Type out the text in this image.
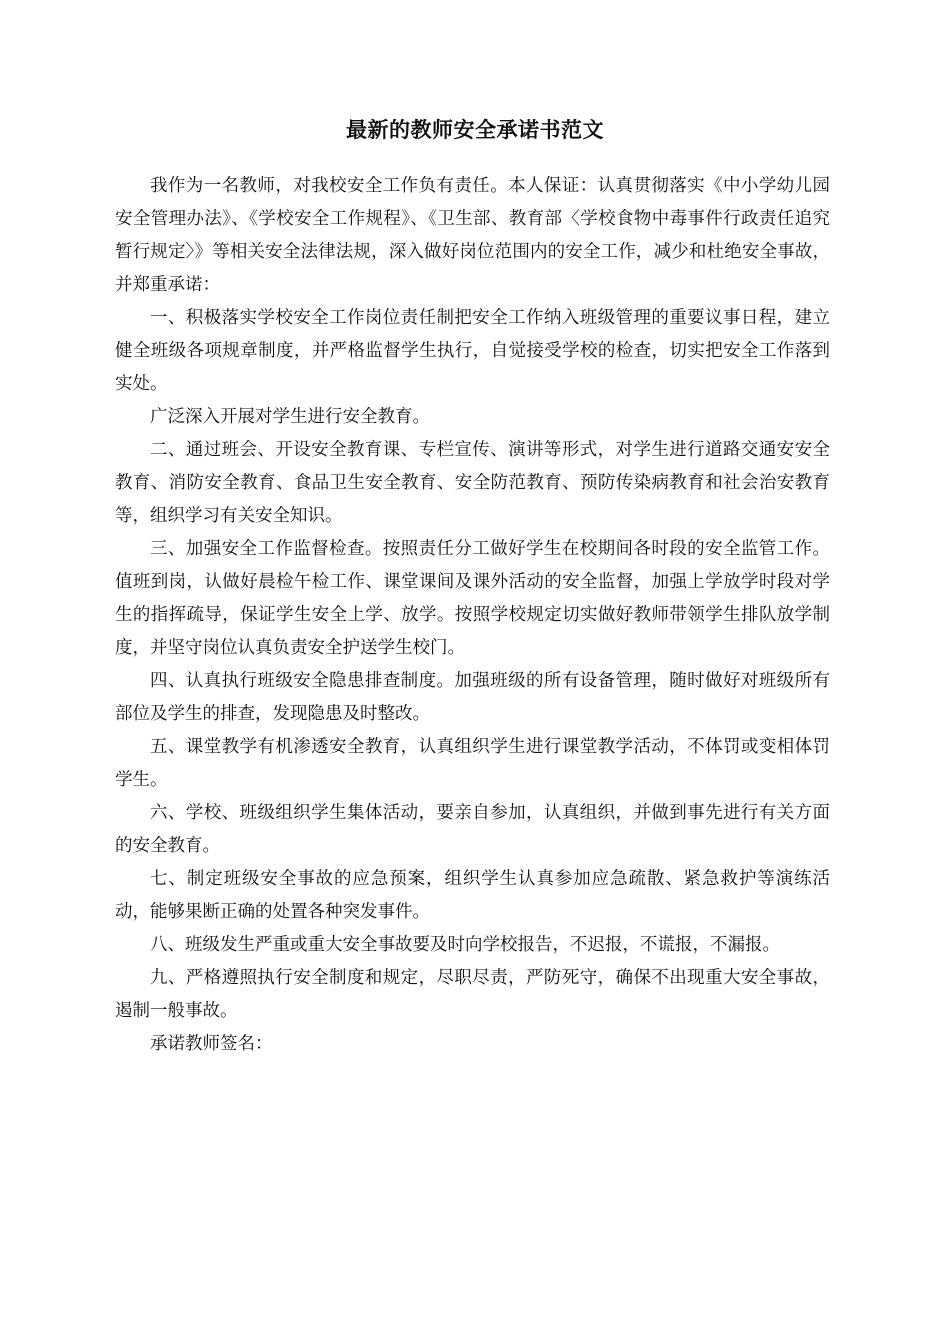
最新的教师安全承诺书范文

我作为一名教师，对我校安全工作负有责任。本人保证：认真贯彻落实《中小学幼儿园安全管理办法》、《学校安全工作规程》、《卫生部、教育部〈学校食物中毒事件行政责任追究暂行规定〉》等相关安全法律法规，深入做好岗位范围内的安全工作，减少和杜绝安全事故，并郑重承诺：

一、积极落实学校安全工作岗位责任制把安全工作纳入班级管理的重要议事日程，建立健全班级各项规章制度，并严格监督学生执行，自觉接受学校的检查，切实把安全工作落到实处。

广泛深入开展对学生进行安全教育。

二、通过班会、开设安全教育课、专栏宣传、演讲等形式，对学生进行道路交通安安全教育、消防安全教育、食品卫生安全教育、安全防范教育、预防传染病教育和社会治安教育等，组织学习有关安全知识。

三、加强安全工作监督检查。按照责任分工做好学生在校期间各时段的安全监管工作。值班到岗，认做好晨检午检工作、课堂课间及课外活动的安全监督，加强上学放学时段对学生的指挥疏导，保证学生安全上学、放学。按照学校规定切实做好教师带领学生排队放学制度，并坚守岗位认真负责安全护送学生校门。

四、认真执行班级安全隐患排查制度。加强班级的所有设备管理，随时做好对班级所有部位及学生的排查，发现隐患及时整改。

五、课堂教学有机渗透安全教育，认真组织学生进行课堂教学活动，不体罚或变相体罚学生。

六、学校、班级组织学生集体活动，要亲自参加，认真组织，并做到事先进行有关方面的安全教育。

七、制定班级安全事故的应急预案，组织学生认真参加应急疏散、紧急救护等演练活动，能够果断正确的处置各种突发事件。

八、班级发生严重或重大安全事故要及时向学校报告，不迟报，不谎报，不漏报。

九、严格遵照执行安全制度和规定，尽职尽责，严防死守，确保不出现重大安全事故，遏制一般事故。

承诺教师签名：
